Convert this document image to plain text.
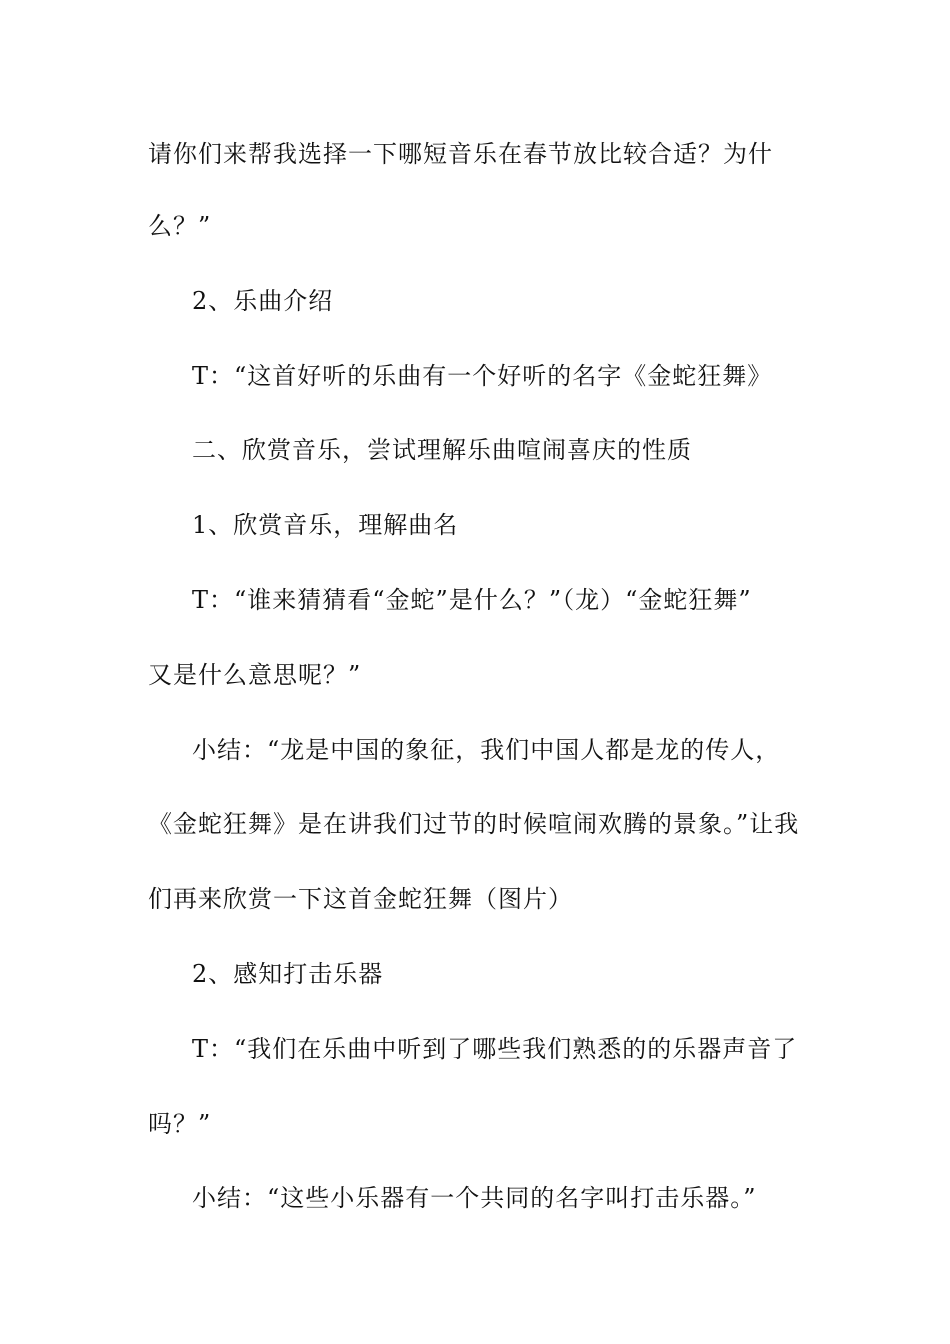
请你们来帮我选择一下哪短音乐在春节放比较合适？为什
么？”
2、乐曲介绍
T：“这首好听的乐曲有一个好听的名字《金蛇狂舞》
二、欣赏音乐，尝试理解乐曲喧闹喜庆的性质
1、欣赏音乐，理解曲名
T：“谁来猜猜看“金蛇”是什么？”（龙）“金蛇狂舞”
又是什么意思呢？”
小结：“龙是中国的象征，我们中国人都是龙的传人，
《金蛇狂舞》是在讲我们过节的时候喧闹欢腾的景象。”让我
们再来欣赏一下这首金蛇狂舞（图片）
2、感知打击乐器
T：“我们在乐曲中听到了哪些我们熟悉的的乐器声音了
吗？”
小结：“这些小乐器有一个共同的名字叫打击乐器。”
